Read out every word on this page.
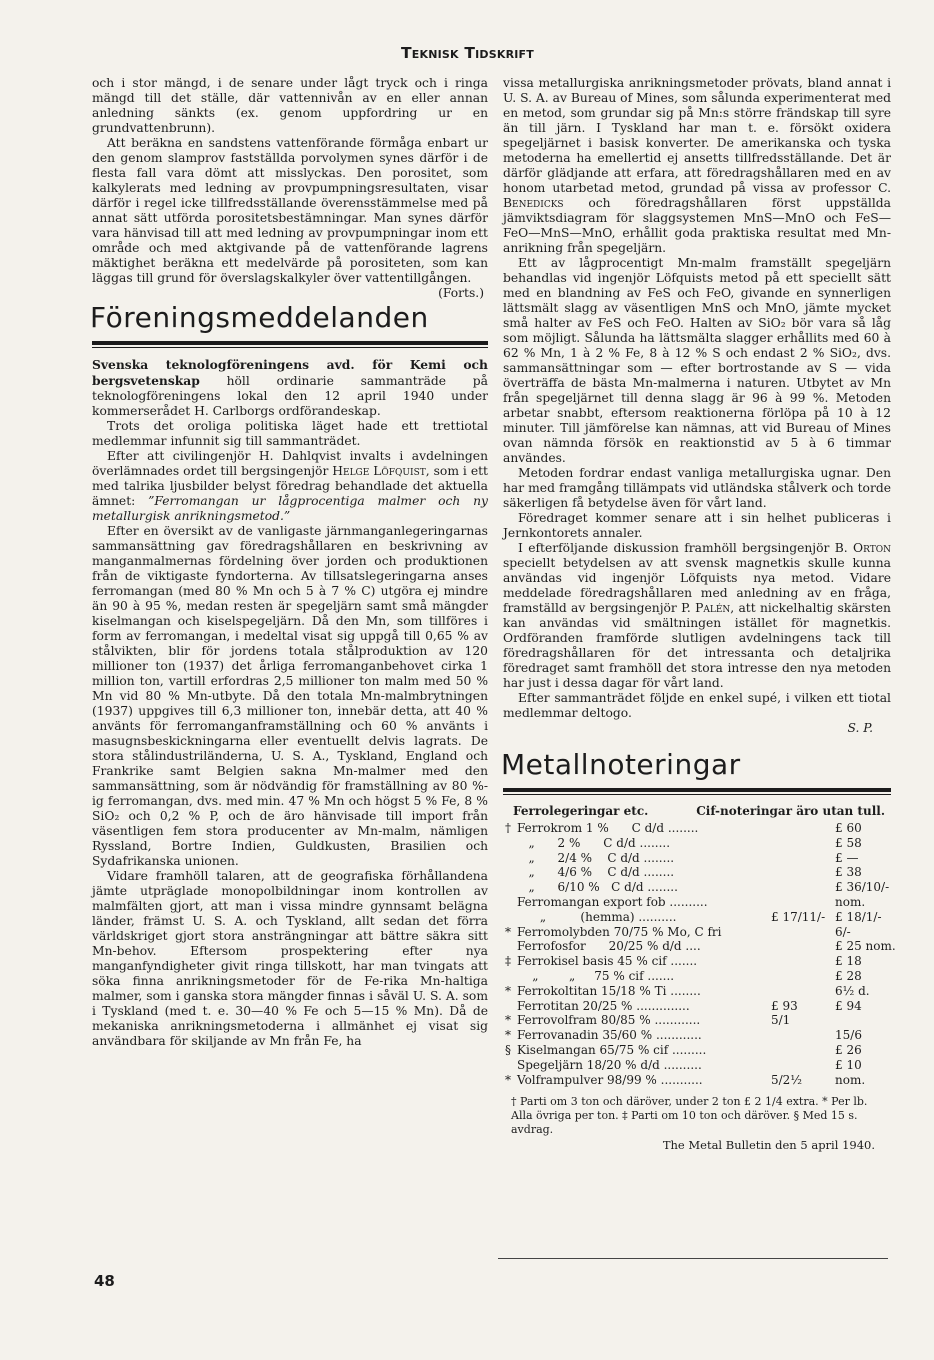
Teknisk Tidskrift

och i stor mängd, i de senare under lågt tryck och i ringa mängd till det ställe, där vattennivån av en eller annan anledning sänkts (ex. genom uppfordring ur en grundvattenbrunn).

Att beräkna en sandstens vattenförande förmåga enbart ur den genom slamprov fastställda porvolymen synes därför i de flesta fall vara dömt att misslyckas. Den porositet, som kalkylerats med ledning av provpumpningsresultaten, visar därför i regel icke tillfredsställande överensstämmelse med på annat sätt utförda porositetsbestämningar. Man synes därför vara hänvisad till att med ledning av provpumpningar inom ett område och med aktgivande på de vattenförande lagrens mäktighet beräkna ett medelvärde på porositeten, som kan läggas till grund för överslagskalkyler över vattentillgången.
(Forts.)

Föreningsmeddelanden

Svenska teknologföreningens avd. för Kemi och bergsvetenskap höll ordinarie sammanträde på teknologföreningens lokal den 12 april 1940 under kommerserådet H. Carlborgs ordförandeskap.

Trots det oroliga politiska läget hade ett trettiotal medlemmar infunnit sig till sammanträdet.

Efter att civilingenjör H. Dahlqvist invalts i avdelningen överlämnades ordet till bergsingenjör Helge Löfquist, som i ett med talrika ljusbilder belyst föredrag behandlade det aktuella ämnet: ”Ferromangan ur lågprocentiga malmer och ny metallurgisk anrikningsmetod.”

Efter en översikt av de vanligaste järnmanganlegeringarnas sammansättning gav föredragshållaren en beskrivning av manganmalmernas fördelning över jorden och produktionen från de viktigaste fyndorterna. Av tillsatslegeringarna anses ferromangan (med 80 % Mn och 5 à 7 % C) utgöra ej mindre än 90 à 95 %, medan resten är spegeljärn samt små mängder kiselmangan och kiselspegeljärn. Då den Mn, som tillföres i form av ferromangan, i medeltal visat sig uppgå till 0,65 % av stålvikten, blir för jordens totala stålproduktion av 120 millioner ton (1937) det årliga ferromanganbehovet cirka 1 million ton, vartill erfordras 2,5 millioner ton malm med 50 % Mn vid 80 % Mn-utbyte. Då den totala Mn-malmbrytningen (1937) uppgives till 6,3 millioner ton, innebär detta, att 40 % använts för ferromanganframställning och 60 % använts i masugnsbeskickningarna eller eventuellt delvis lagrats. De stora stålindustriländerna, U. S. A., Tyskland, England och Frankrike samt Belgien sakna Mn-malmer med den sammansättning, som är nödvändig för framställning av 80 %-ig ferromangan, dvs. med min. 47 % Mn och högst 5 % Fe, 8 % SiO₂ och 0,2 % P, och de äro hänvisade till import från väsentligen fem stora producenter av Mn-malm, nämligen Ryssland, Bortre Indien, Guldkusten, Brasilien och Sydafrikanska unionen.

Vidare framhöll talaren, att de geografiska förhållandena jämte utpräglade monopolbildningar inom kontrollen av malmfälten gjort, att man i vissa mindre gynnsamt belägna länder, främst U. S. A. och Tyskland, allt sedan det förra världskriget gjort stora ansträngningar att bättre säkra sitt Mn-behov. Eftersom prospektering efter nya manganfyndigheter givit ringa tillskott, har man tvingats att söka finna anrikningsmetoder för de Fe-rika Mn-haltiga malmer, som i ganska stora mängder finnas i såväl U. S. A. som i Tyskland (med t. e. 30—40 % Fe och 5—15 % Mn). Då de mekaniska anrikningsmetoderna i allmänhet ej visat sig användbara för skiljande av Mn från Fe, ha

vissa metallurgiska anrikningsmetoder prövats, bland annat i U. S. A. av Bureau of Mines, som sålunda experimenterat med en metod, som grundar sig på Mn:s större frändskap till syre än till järn. I Tyskland har man t. e. försökt oxidera spegeljärnet i basisk konverter. De amerikanska och tyska metoderna ha emellertid ej ansetts tillfredsställande. Det är därför glädjande att erfara, att föredragshållaren med en av honom utarbetad metod, grundad på vissa av professor C. Benedicks och föredragshållaren först uppställda jämviktsdiagram för slaggsystemen MnS—MnO och FeS—FeO—MnS—MnO, erhållit goda praktiska resultat med Mn-anrikning från spegeljärn.

Ett av lågprocentigt Mn-malm framställt spegeljärn behandlas vid ingenjör Löfquists metod på ett speciellt sätt med en blandning av FeS och FeO, givande en synnerligen lättsmält slagg av väsentligen MnS och MnO, jämte mycket små halter av FeS och FeO. Halten av SiO₂ bör vara så låg som möjligt. Sålunda ha lättsmälta slagger erhållits med 60 à 62 % Mn, 1 à 2 % Fe, 8 à 12 % S och endast 2 % SiO₂, dvs. sammansättningar som — efter bortrostande av S — vida överträffa de bästa Mn-malmerna i naturen. Utbytet av Mn från spegeljärnet till denna slagg är 96 à 99 %. Metoden arbetar snabbt, eftersom reaktionerna förlöpa på 10 à 12 minuter. Till jämförelse kan nämnas, att vid Bureau of Mines ovan nämnda försök en reaktionstid av 5 à 6 timmar användes.

Metoden fordrar endast vanliga metallurgiska ugnar. Den har med framgång tillämpats vid utländska stålverk och torde säkerligen få betydelse även för vårt land.

Föredraget kommer senare att i sin helhet publiceras i Jernkontorets annaler.

I efterföljande diskussion framhöll bergsingenjör B. Orton speciellt betydelsen av att svensk magnetkis skulle kunna användas vid ingenjör Löfquists nya metod. Vidare meddelade föredragshållaren med anledning av en fråga, framställd av bergsingenjör P. Palén, att nickelhaltig skärsten kan användas vid smältningen istället för magnetkis. Ordföranden framförde slutligen avdelningens tack till föredragshållaren för det intressanta och detaljrika föredraget samt framhöll det stora intresse den nya metoden har just i dessa dagar för vårt land.

Efter sammanträdet följde en enkel supé, i vilken ett tiotal medlemmar deltogo.

S. P.

Metallnoteringar
Ferrolegeringar etc.	Cif-noteringar äro utan tull.
† Ferrokrom 1 %      C d/d ........	£ 60
„      2 %      C d/d ........	£ 58
„      2/4 %    C d/d ........	£ —
„      4/6 %    C d/d ........	£ 38
„      6/10 %   C d/d ........	£ 36/10/-
Ferromangan export fob ..........	nom.
„         (hemma) ..........	£ 17/11/- £ 18/1/-
* Ferromolybden 70/75 % Mo, C fri	6/-
Ferrofosfor      20/25 % d/d ....	£ 25 nom.
‡ Ferrokisel basis 45 % cif .......	£ 18
„        „     75 % cif .......	£ 28
* Ferrokoltitan 15/18 % Ti ........	6½ d.
Ferrotitan 20/25 % ..............	£ 93	£ 94
* Ferrovolfram 80/85 % ............	5/1
* Ferrovanadin 35/60 % ............	15/6
§ Kiselmangan 65/75 % cif .........	£ 26
Spegeljärn 18/20 % d/d ..........	£ 10
* Volframpulver 98/99 % ...........	5/2½	nom.
† Parti om 3 ton och däröver, under 2 ton £ 2 1/4 extra. * Per lb. Alla övriga per ton. ‡ Parti om 10 ton och däröver. § Med 15 s. avdrag.
The Metal Bulletin den 5 april 1940.
48
